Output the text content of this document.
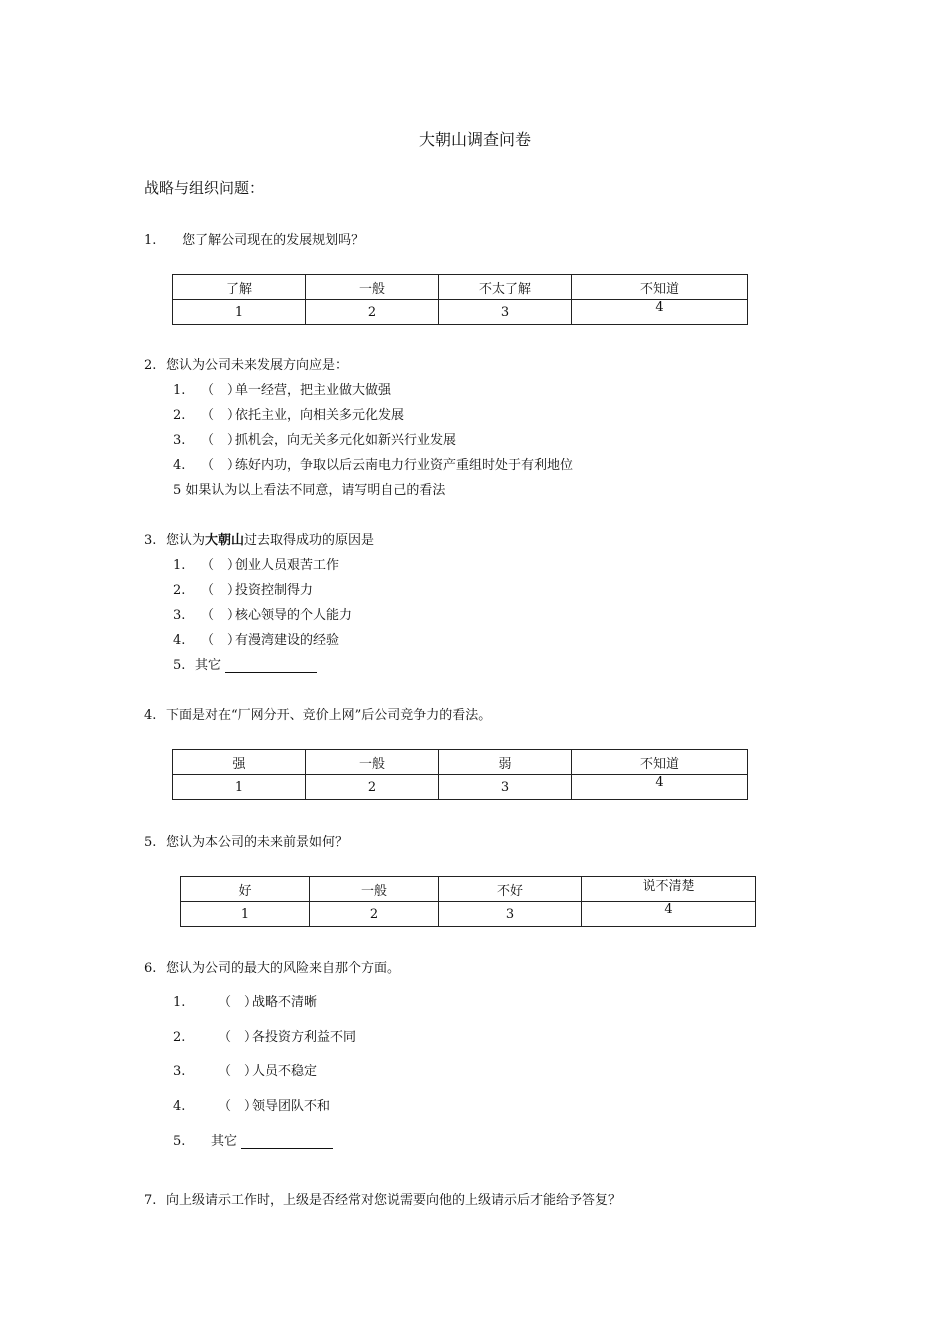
大朝山调查问卷
战略与组织问题：
1. 您了解公司现在的发展规划吗？
了解	一般	不太了解	不知道
1	2	3	4
2. 您认为公司未来发展方向应是：
1. （　）单一经营，把主业做大做强
2. （　）依托主业，向相关多元化发展
3. （　）抓机会，向无关多元化如新兴行业发展
4. （　）练好内功，争取以后云南电力行业资产重组时处于有利地位
5 如果认为以上看法不同意，请写明自己的看法
3. 您认为大朝山过去取得成功的原因是
1. （　）创业人员艰苦工作
2. （　）投资控制得力
3. （　）核心领导的个人能力
4. （　）有漫湾建设的经验
5. 其它
4. 下面是对在“厂网分开、竞价上网”后公司竞争力的看法。
强	一般	弱	不知道
1	2	3	4
5. 您认为本公司的未来前景如何？
好	一般	不好	说不清楚
1	2	3	4
6. 您认为公司的最大的风险来自那个方面。
1.	（　）战略不清晰
2.	（　）各投资方利益不同
3.	（　）人员不稳定
4.	（　）领导团队不和
5. 其它
7. 向上级请示工作时，上级是否经常对您说需要向他的上级请示后才能给予答复？
